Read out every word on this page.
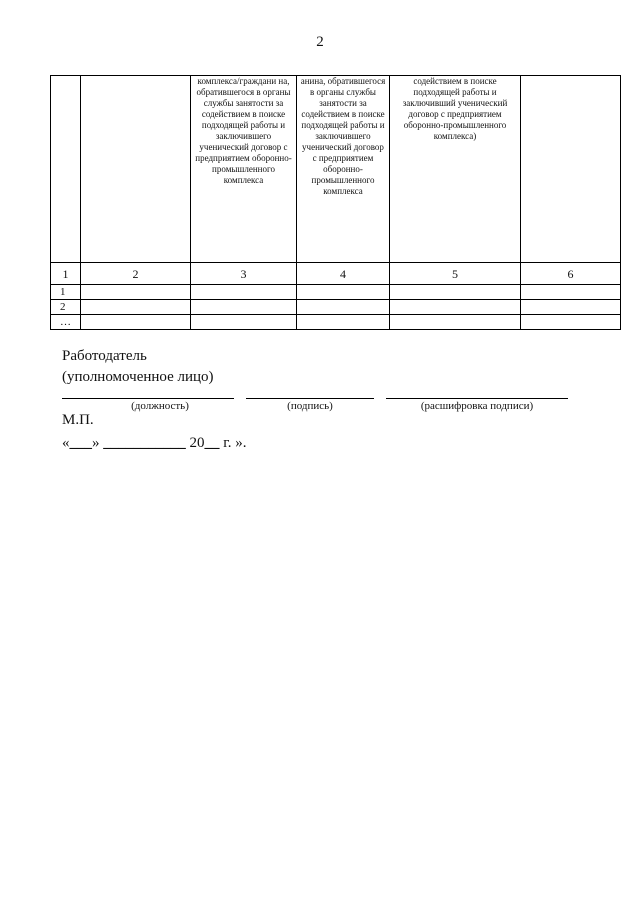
2

		комплекса/граждани на, обратившегося в органы службы занятости за содействием в поиске подходящей работы и заключившего ученический договор с предприятием оборонно-промышленного комплекса	анина, обратившегося в органы службы занятости за содействием в поиске подходящей работы и заключившего ученический договор с предприятием оборонно-промышленного комплекса	содействием в поиске подходящей работы и заключивший ученический договор с предприятием оборонно-промышленного комплекса)	

1	2	3	4	5	6
1					
2					
…					
Работодатель
(уполномоченное лицо)
(должность)	(подпись)	(расшифровка подписи)
М.П.
«___» ___________ 20__ г. ».
